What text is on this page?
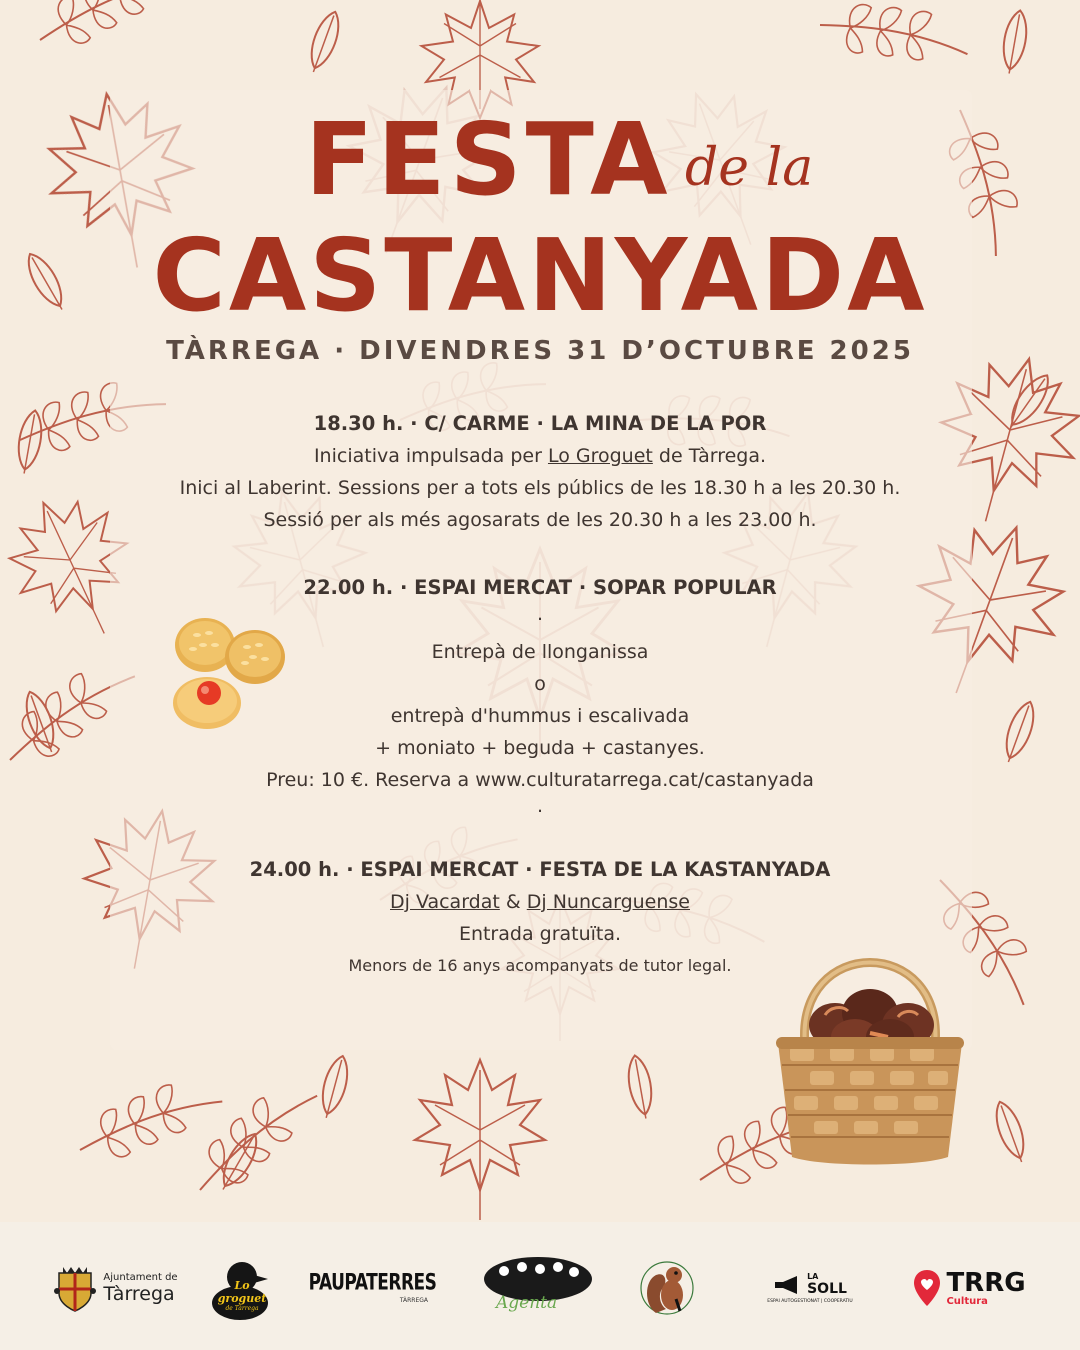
FESTA de la
CASTANYADA
TÀRREGA · DIVENDRES 31 D’OCTUBRE 2025
18.30 h. · C/ CARME · LA MINA DE LA POR
Iniciativa impulsada per Lo Groguet de Tàrrega.
Inici al Laberint. Sessions per a tots els públics de les 18.30 h a les 20.30 h.
Sessió per als més agosarats de les 20.30 h a les 23.00 h.
22.00 h. · ESPAI MERCAT · SOPAR POPULAR
.
Entrepà de llonganissa
o
entrepà d'hummus i escalivada
+ moniato + beguda + castanyes.
Preu: 10 €. Reserva a www.culturatarrega.cat/castanyada
.
24.00 h. · ESPAI MERCAT · FESTA DE LA KASTANYADA
Dj Vacardat & Dj Nuncarguense
Entrada gratuïta.
Menors de 16 anys acompanyats de tutor legal.
Ajuntament de
Tàrrega	Lo groguet
de Tàrrega
PAUPATERRES
TÀRREGA	Agenta
LA
SOLL
ESPAI AUTOGESTIONAT | COOPERATIU
TRRG
Cultura
